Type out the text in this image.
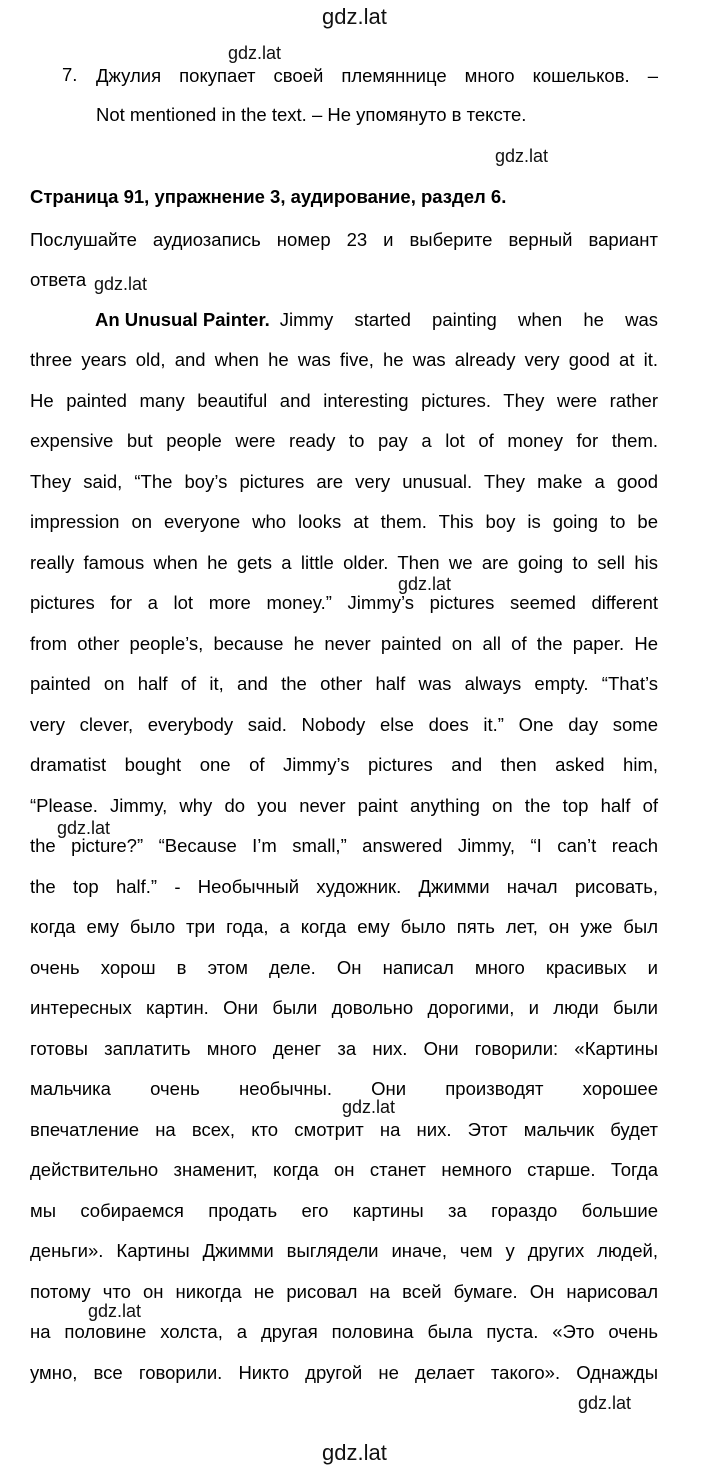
gdz.lat
gdz.lat
gdz.lat
gdz.lat
gdz.lat
gdz.lat
gdz.lat
gdz.lat
gdz.lat
gdz.lat
7. Джулия покупает своей племяннице много кошельков. –
Not mentioned in the text. – Не упомянуто в тексте.
Страница 91, упражнение 3, аудирование, раздел 6.
Послушайте аудиозапись номер 23 и выберите верный вариант
ответа
An Unusual Painter. Jimmy started painting when he was
three years old, and when he was five, he was already very good at it.
He painted many beautiful and interesting pictures. They were rather
expensive but people were ready to pay a lot of money for them.
They said, “The boy’s pictures are very unusual. They make a good
impression on everyone who looks at them. This boy is going to be
really famous when he gets a little older. Then we are going to sell his
pictures for a lot more money.” Jimmy’s pictures seemed different
from other people’s, because he never painted on all of the paper. He
painted on half of it, and the other half was always empty. “That’s
very clever, everybody said. Nobody else does it.” One day some
dramatist bought one of Jimmy’s pictures and then asked him,
“Please. Jimmy, why do you never paint anything on the top half of
the picture?” “Because I’m small,” answered Jimmy, “I can’t reach
the top half.” - Необычный художник. Джимми начал рисовать,
когда ему было три года, а когда ему было пять лет, он уже был
очень хорош в этом деле. Он написал много красивых и
интересных картин. Они были довольно дорогими, и люди были
готовы заплатить много денег за них. Они говорили: «Картины
мальчика очень необычны. Они производят хорошее
впечатление на всех, кто смотрит на них. Этот мальчик будет
действительно знаменит, когда он станет немного старше. Тогда
мы собираемся продать его картины за гораздо большие
деньги». Картины Джимми выглядели иначе, чем у других людей,
потому что он никогда не рисовал на всей бумаге. Он нарисовал
на половине холста, а другая половина была пуста. «Это очень
умно, все говорили. Никто другой не делает такого». Однажды
